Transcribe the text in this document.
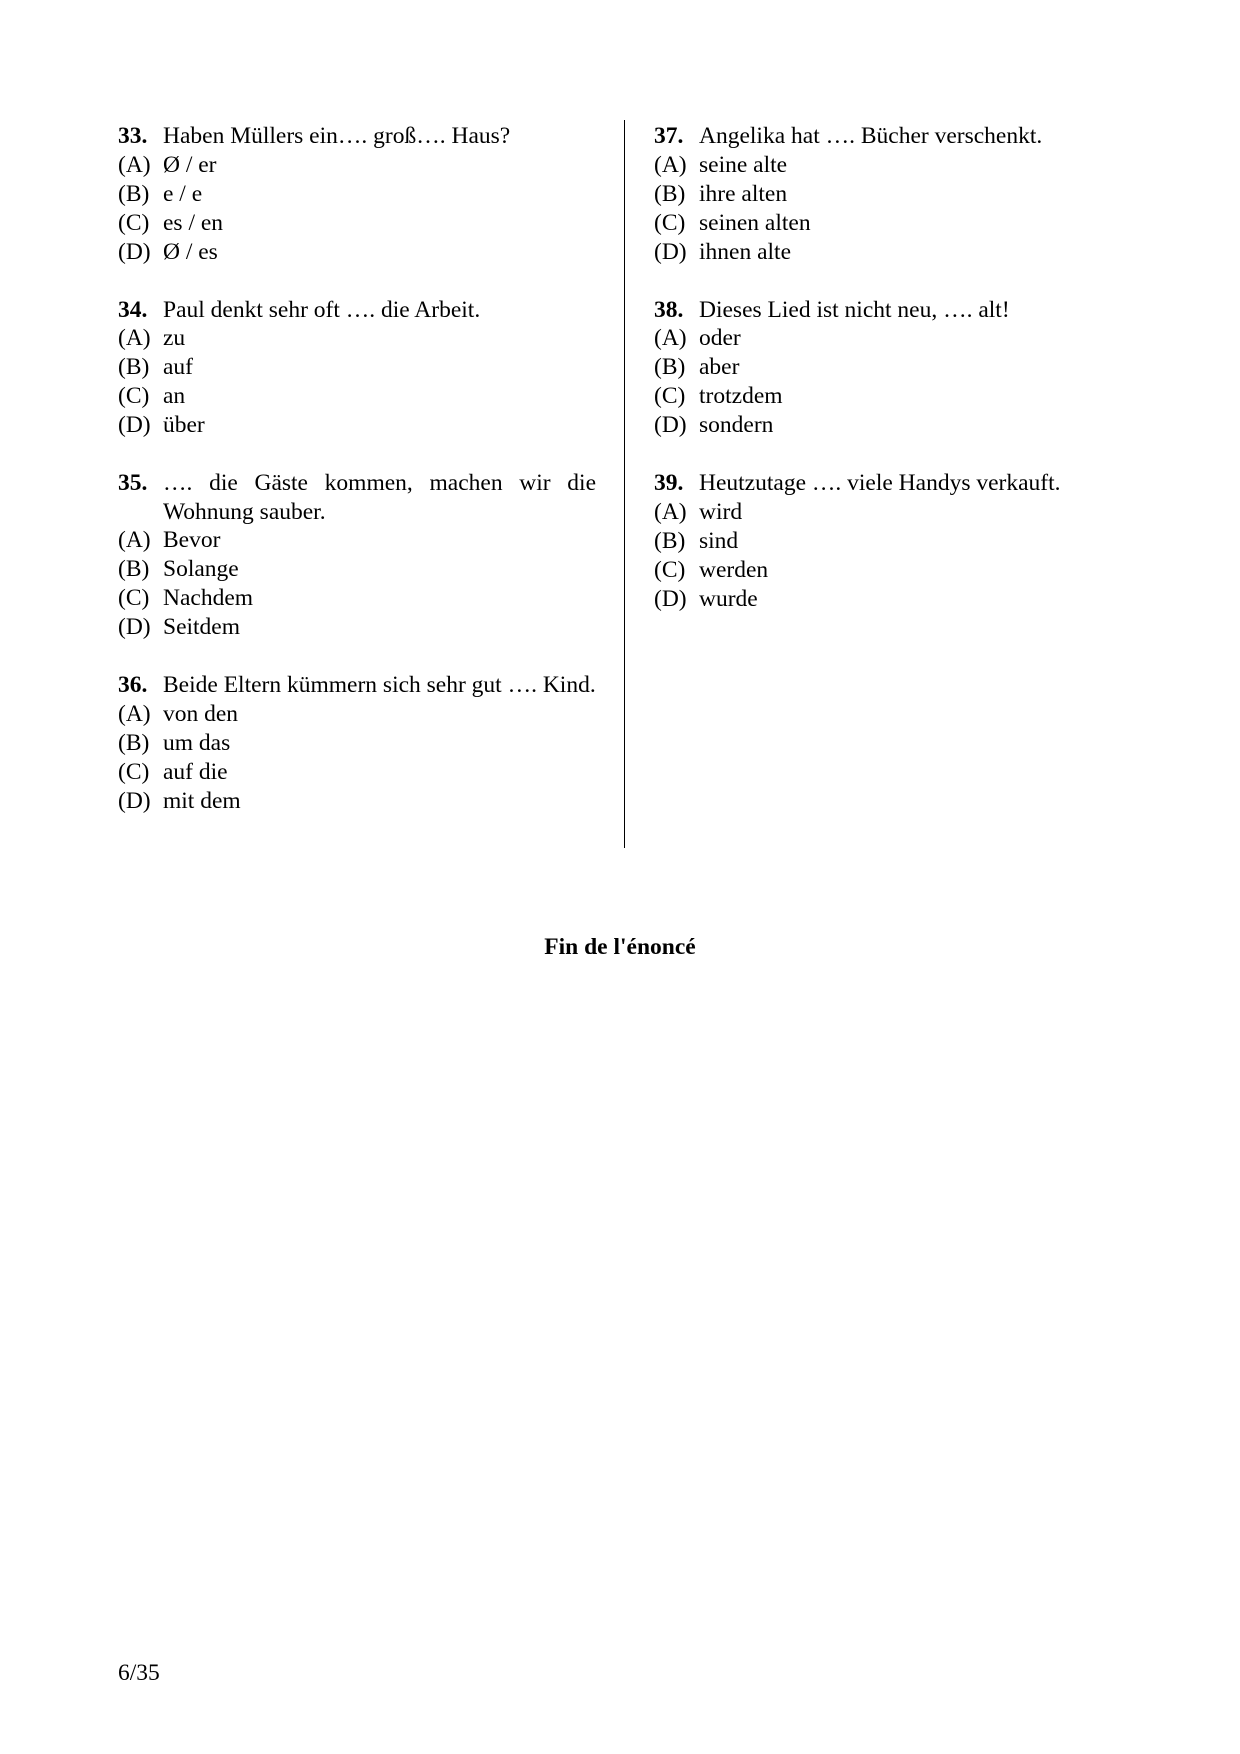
33. Haben Müllers ein…. groß…. Haus?
(A) Ø / er
(B) e / e
(C) es / en
(D) Ø / es
34. Paul denkt sehr oft …. die Arbeit.
(A) zu
(B) auf
(C) an
(D) über
35. …. die Gäste kommen, machen wir die Wohnung sauber.
(A) Bevor
(B) Solange
(C) Nachdem
(D) Seitdem
36. Beide Eltern kümmern sich sehr gut …. Kind.
(A) von den
(B) um das
(C) auf die
(D) mit dem
37. Angelika hat …. Bücher verschenkt.
(A) seine alte
(B) ihre alten
(C) seinen alten
(D) ihnen alte
38. Dieses Lied ist nicht neu, …. alt!
(A) oder
(B) aber
(C) trotzdem
(D) sondern
39. Heutzutage …. viele Handys verkauft.
(A) wird
(B) sind
(C) werden
(D) wurde
Fin de l'énoncé
6/35
